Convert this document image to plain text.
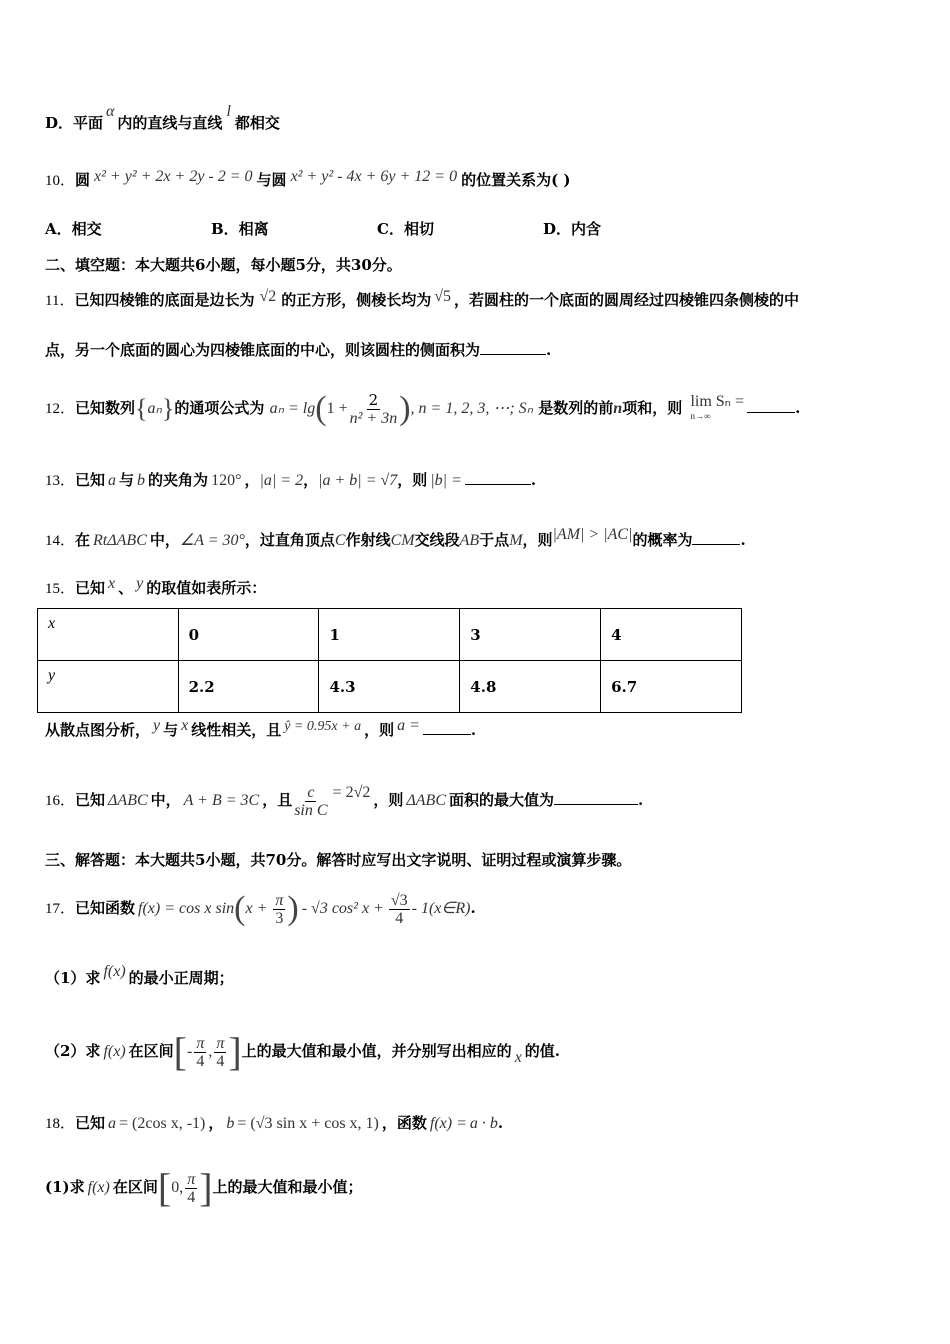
D．平面α内的直线与直线l都相交
10．圆 x² + y² + 2x + 2y - 2 = 0 与圆 x² + y² - 4x + 6y + 12 = 0 的位置关系为( )
A．相交	B．相离	C．相切	D．内含
二、填空题：本大题共6小题，每小题5分，共30分。
11．已知四棱锥的底面是边长为 √2 的正方形，侧棱长均为 √5 ，若圆柱的一个底面的圆周经过四棱锥四条侧棱的中
点，另一个底面的圆心为四棱锥底面的中心，则该圆柱的侧面积为	.
12．已知数列{aₙ}的通项公式为 $a_n = \lg(1 + \frac{2}{\text{n² + 3n}}$ ), n = 1, 2, 3, ⋯; Sₙ 是数列的前n项和，则 lim Sₙ =
n→∞	.
13．已知 a 与 b 的夹角为 120° ，|a| = 2，|a + b| = √7，则 |b| =	.
14．在 RtΔABC 中，∠A = 30°，过直角顶点C作射线CM交线段AB于点M，则|AM| > |AC|的概率为	.
15．已知 x 、 y 的取值如表所示：
x	0	1	3	4
y	2.2	4.3	4.8	6.7
从散点图分析， y 与 x 线性相关，且 ŷ = 0.95x + a ，则 a =	.
16．已知 ΔABC 中， A + B = 3C ，且 $\frac{c}{\text{sin C}} = 2√2$ ，则 ΔABC 面积的最大值为	.
三、解答题：本大题共5小题，共70分。解答时应写出文字说明、证明过程或演算步骤。
17．已知函数 f(x) = cos x $\sin(x + \frac{\pi}{3}$ ) - √3 cos² $x + \frac{√3}{4}$ - 1(x∈R).
（1）求 f(x) 的最小正周期；
（2）求 f(x) 在区间[- $\frac{\pi}{4}$ , $\frac{\pi}{4}$ ]上的最大值和最小值，并分别写出相应的 x 的值.
18．已知 a = (2cos x, -1) ， b = (√3 sin x + cos x, 1) ，函数 f(x) = a · b.
(1)求 f(x) 在区间[0, $\frac{\pi}{4}$ ]上的最大值和最小值；
